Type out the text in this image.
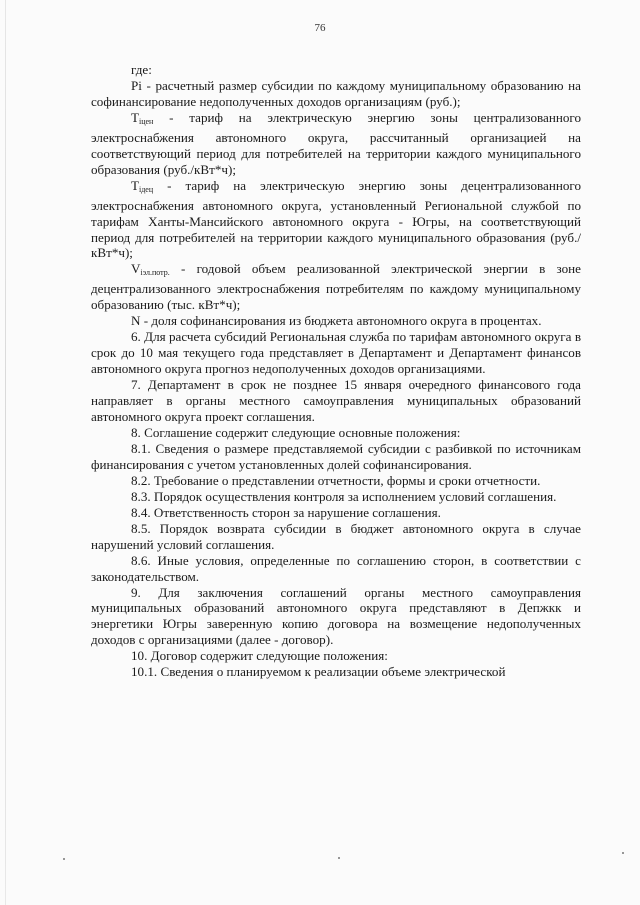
76

где:

Pi - расчетный размер субсидии по каждому муниципальному образованию на софинансирование недополученных доходов организациям (руб.);

$T_{iцен}$ - тариф на электрическую энергию зоны централизованного электроснабжения автономного округа, рассчитанный организацией на соответствующий период для потребителей на территории каждого муниципального образования (руб./кВт*ч);

$T_{iдец}$ - тариф на электрическую энергию зоны децентрализованного электроснабжения автономного округа, установленный Региональной службой по тарифам Ханты-Мансийского автономного округа - Югры, на соответствующий период для потребителей на территории каждого муниципального образования (руб./кВт*ч);

$V_{iэл.потр.}$ - годовой объем реализованной электрической энергии в зоне децентрализованного электроснабжения потребителям по каждому муниципальному образованию (тыс. кВт*ч);

N - доля софинансирования из бюджета автономного округа в процентах.

6. Для расчета субсидий Региональная служба по тарифам автономного округа в срок до 10 мая текущего года представляет в Департамент и Департамент финансов автономного округа прогноз недополученных доходов организациями.

7. Департамент в срок не позднее 15 января очередного финансового года направляет в органы местного самоуправления муниципальных образований автономного округа проект соглашения.

8. Соглашение содержит следующие основные положения:

8.1. Сведения о размере представляемой субсидии с разбивкой по источникам финансирования с учетом установленных долей софинансирования.

8.2. Требование о представлении отчетности, формы и сроки отчетности.

8.3. Порядок осуществления контроля за исполнением условий соглашения.

8.4. Ответственность сторон за нарушение соглашения.

8.5. Порядок возврата субсидии в бюджет автономного округа в случае нарушений условий соглашения.

8.6. Иные условия, определенные по соглашению сторон, в соответствии с законодательством.

9. Для заключения соглашений органы местного самоуправления муниципальных образований автономного округа представляют в Депжкк и энергетики Югры заверенную копию договора на возмещение недополученных доходов с организациями (далее - договор).

10. Договор содержит следующие положения:

10.1. Сведения о планируемом к реализации объеме электрической
